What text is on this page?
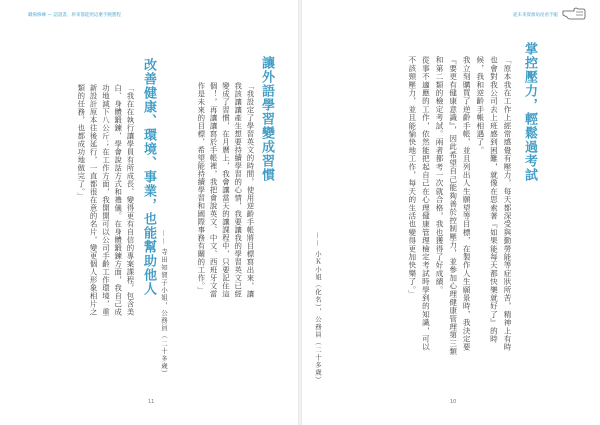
職場修練 — 認證書，原來都能照這麼手腕寶程	從未來資源角度看手帳
掌控壓力，輕鬆過考試

「原本我在工作上經常感覺有壓力，每天都深受與勤勞能等症狀所苦，精神上有時也會對我公司去上班感到困難，就像在思索著『如果能每天都快樂就好了』的時候，我和逆齡手帳相遇了。

我立刻購買了逆齡手帳，並且列出人生願望等目標，在製作人生願景時，我決定要『要更有健康意識』，因此希望自己能夠善於控制壓力，並參加心理健康管理第三類和第二類的檢定考試。兩者都考一次就合格，我也獲得了好成績。

從事不適應的工作，依然能把起自己在心理健康管理檢定考試時學到的知識，可以不該頸壓力，並且能愉快地工作，每天的生活也變得更加快樂了。」

—— 小Ｋ小姐（化名），公務員（二十多歲）
10
讓外語學習變成習慣

「我設定了學習英文的時間，使用逆齡手帳將目標寫出來，讓我該讓讓產生想要持續學習的心情，我要讓我的學習英文已經變成了習慣，在月曆上，我會讓當天的讓課程中，只要記住這個！，再讓讓寫於手帳裡，我把會說英文、中文、西班牙文當作是未來的目標，希望能持續學習和國際事務有關的工作。」

—— 寺田知賀子小姐，公務員（二十多歲）
改善健康、環境、事業，也能幫助他人

「我在在執行讓學員有所成長、變得更有自信的專案課程，包含美白、身體鍛鍊，學會說話方式和禮儀。在身體鍛鍊方面，我自己成功地減下八公斤；在工作方面，我開開可以公司手齡工作環境，重新設計原本往後延行，一直都很在意的名片，變更個人形象相片之類的任務，也都成功地做完了。」

11
